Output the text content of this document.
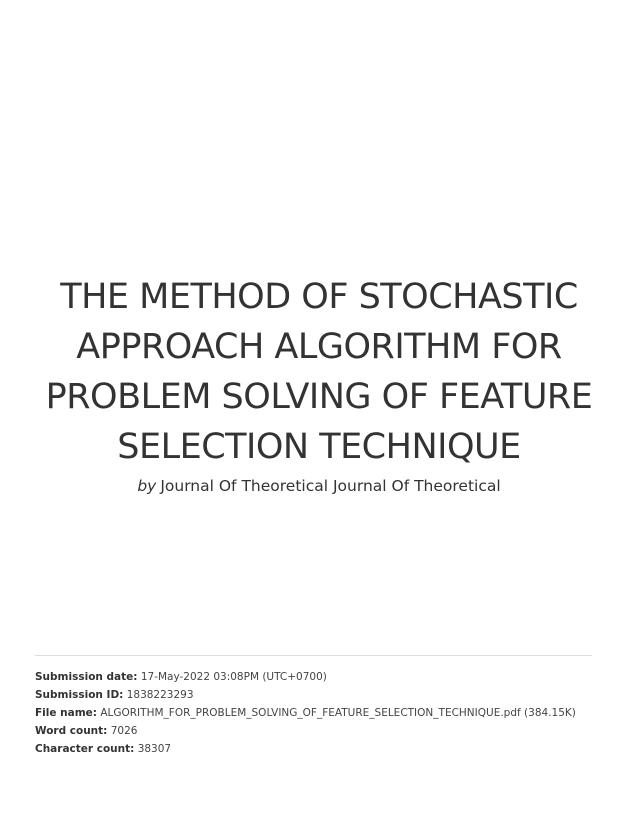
THE METHOD OF STOCHASTIC APPROACH ALGORITHM FOR PROBLEM SOLVING OF FEATURE SELECTION TECHNIQUE
by Journal Of Theoretical Journal Of Theoretical
Submission date: 17-May-2022 03:08PM (UTC+0700)
Submission ID: 1838223293
File name: ALGORITHM_FOR_PROBLEM_SOLVING_OF_FEATURE_SELECTION_TECHNIQUE.pdf (384.15K)
Word count: 7026
Character count: 38307
